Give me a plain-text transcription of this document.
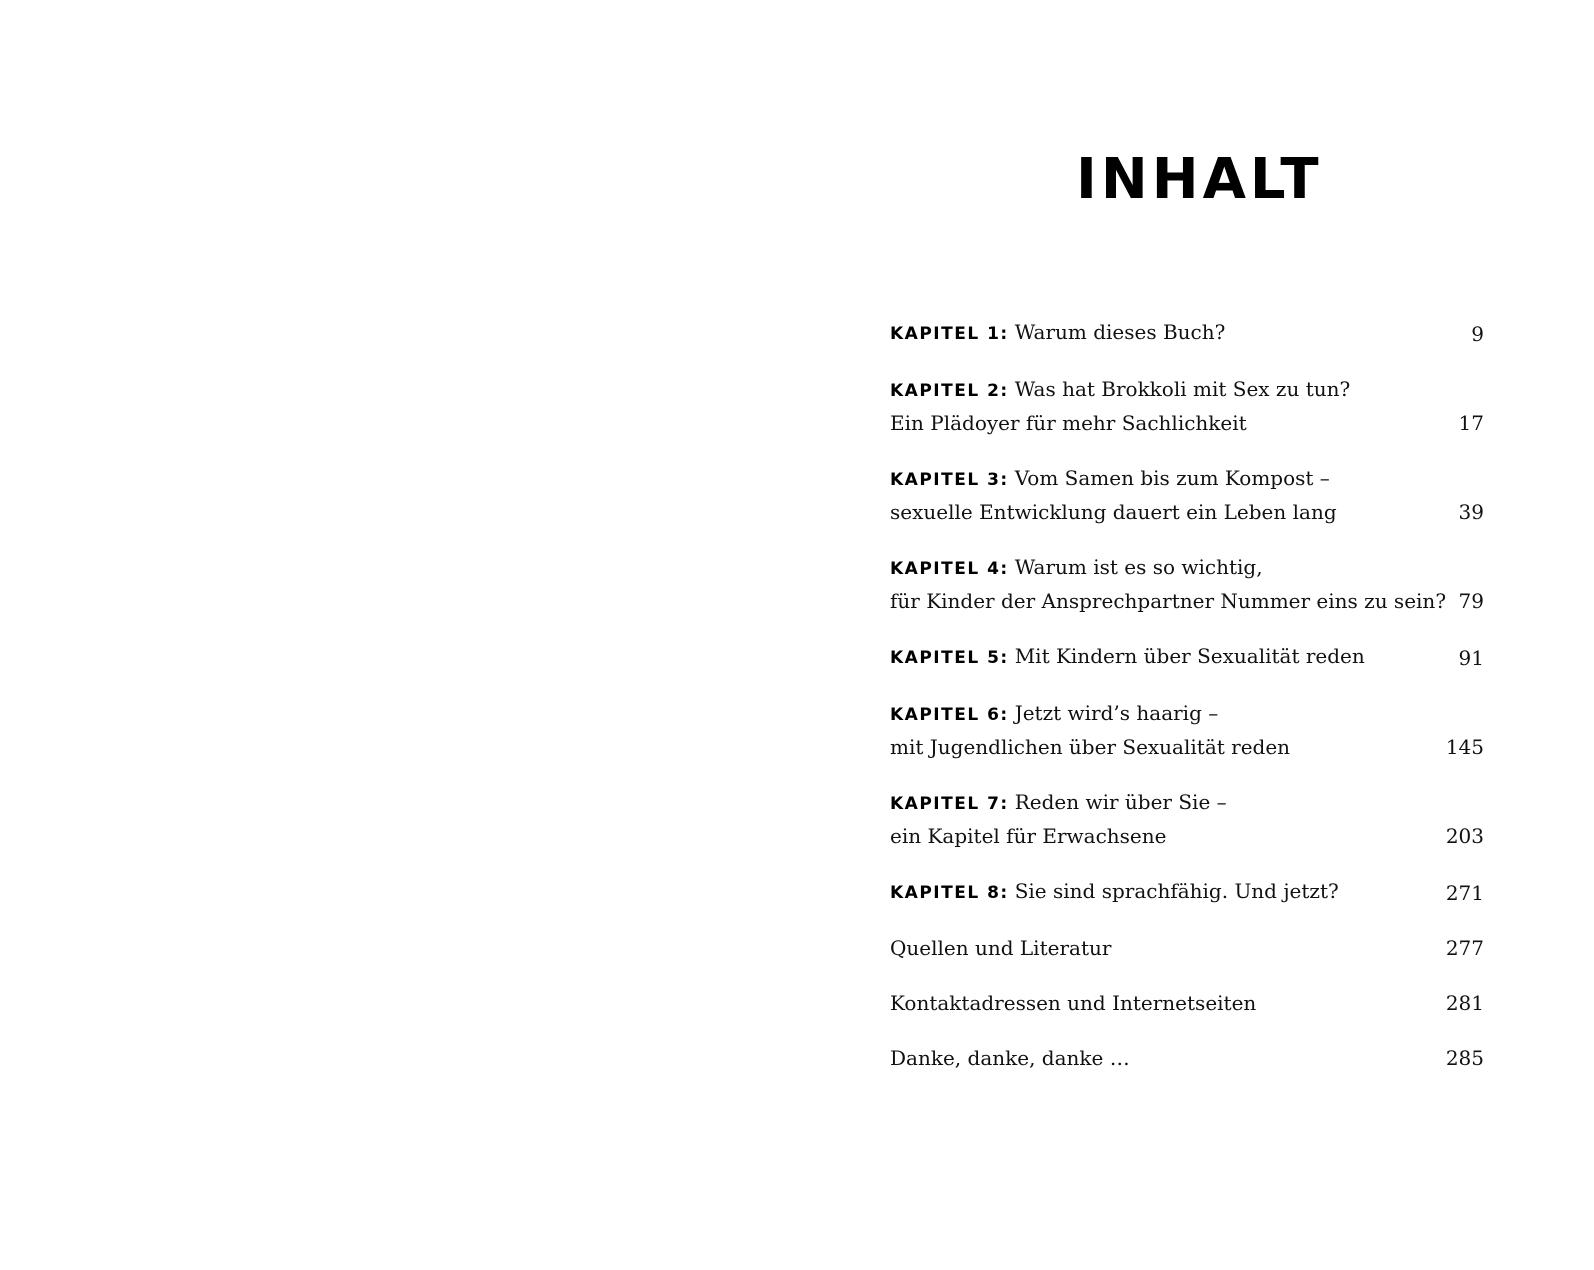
INHALT
KAPITEL 1: Warum dieses Buch?	9
KAPITEL 2: Was hat Brokkoli mit Sex zu tun?
Ein Plädoyer für mehr Sachlichkeit	17
KAPITEL 3: Vom Samen bis zum Kompost –
sexuelle Entwicklung dauert ein Leben lang	39
KAPITEL 4: Warum ist es so wichtig,
für Kinder der Ansprechpartner Nummer eins zu sein? 79
KAPITEL 5: Mit Kindern über Sexualität reden	91
KAPITEL 6: Jetzt wird’s haarig –
mit Jugendlichen über Sexualität reden	145
KAPITEL 7: Reden wir über Sie –
ein Kapitel für Erwachsene	203
KAPITEL 8: Sie sind sprachfähig. Und jetzt?	271
Quellen und Literatur	277
Kontaktadressen und Internetseiten	281
Danke, danke, danke …	285
